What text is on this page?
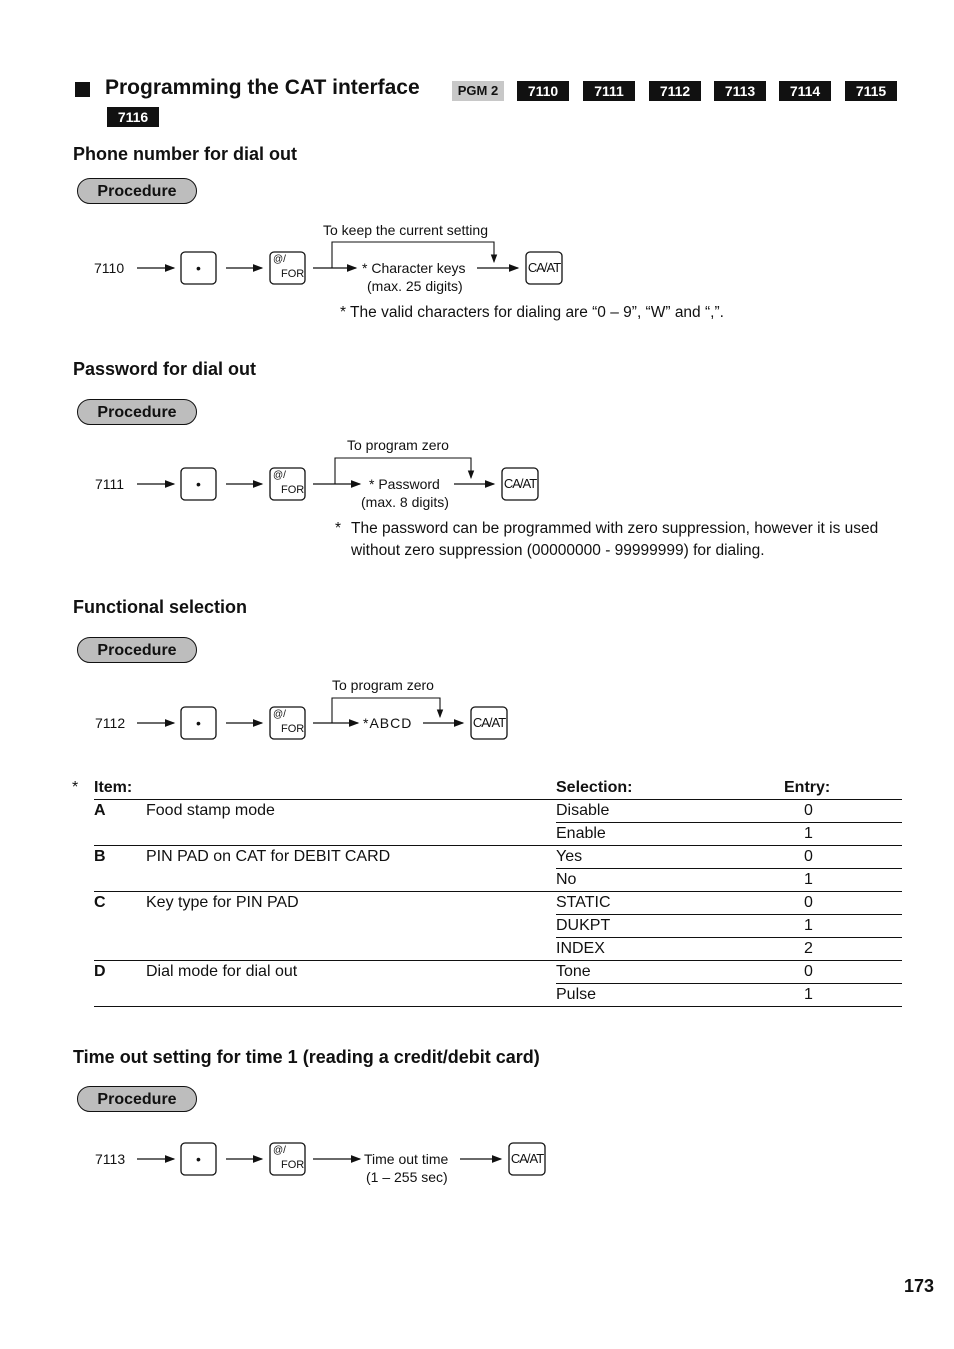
Programming the CAT interface	PGM 2	7110	7111	7112	7113	7114	7115
7116
Phone number for dial out
Procedure
7110	•
@/
FOR	CA/AT
To keep the current setting
* Character keys
(max. 25 digits)
* The valid characters for dialing are “0 – 9”, “W” and “,”.
Password for dial out
Procedure
7111	•
@/
FOR	CA/AT
To program zero
* Password
(max. 8 digits)
* The password can be programmed with zero suppression, however it is used without zero suppression (00000000 - 99999999) for dialing.
Functional selection
Procedure
7112	•
@/
FOR	CA/AT
To program zero
*ABCD
*	Item:		Selection:	Entry:
	A	Food stamp mode	Disable	0
			Enable	1
	B	PIN PAD on CAT for DEBIT CARD	Yes	0
			No	1
	C	Key type for PIN PAD	STATIC	0
			DUKPT	1
			INDEX	2
	D	Dial mode for dial out	Tone	0
			Pulse	1
Time out setting for time 1 (reading a credit/debit card)
Procedure
7113	•
@/
FOR	CA/AT
Time out time
(1 – 255 sec)
173
